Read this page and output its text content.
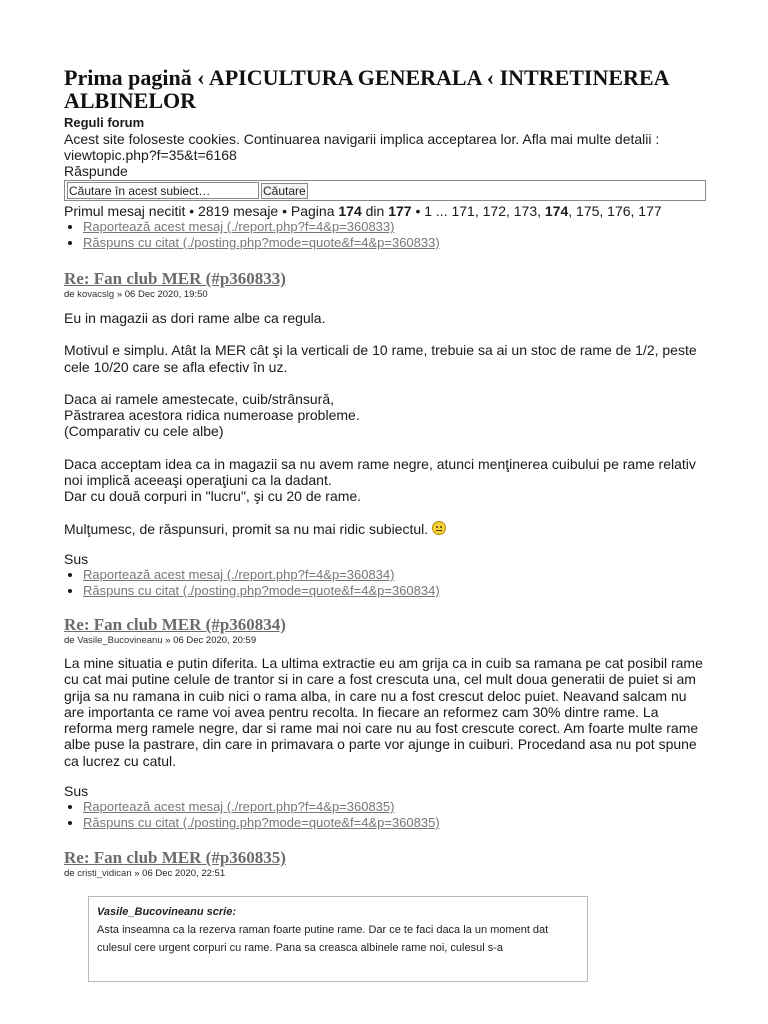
Prima pagină ‹ APICULTURA GENERALA ‹ INTRETINEREA ALBINELOR
Reguli forum
Acest site foloseste cookies. Continuarea navigarii implica acceptarea lor. Afla mai multe detalii : viewtopic.php?f=35&t=6168
Răspunde
Căutare în acest subiect…
Căutare
Primul mesaj necitit • 2819 mesaje • Pagina 174 din 177 • 1 ... 171, 172, 173, 174, 175, 176, 177
• Raportează acest mesaj (./report.php?f=4&p=360833)
• Răspuns cu citat (./posting.php?mode=quote&f=4&p=360833)
Re: Fan club MER (#p360833)
de kovacslg » 06 Dec 2020, 19:50

Eu in magazii as dori rame albe ca regula.

Motivul e simplu. Atât la MER cât şi la verticali de 10 rame, trebuie sa ai un stoc de rame de 1/2, peste cele 10/20 care se afla efectiv în uz.

Daca ai ramele amestecate, cuib/strânsură,

Păstrarea acestora ridica numeroase probleme.

(Comparativ cu cele albe)

Daca acceptam idea ca in magazii sa nu avem rame negre, atunci menţinerea cuibului pe rame relativ noi implică aceeaşi operaţiuni ca la dadant.

Dar cu două corpuri in "lucru", şi cu 20 de rame.

Mulţumesc, de răspunsuri, promit sa nu mai ridic subiectul.

Sus
• Raportează acest mesaj (./report.php?f=4&p=360834)
• Răspuns cu citat (./posting.php?mode=quote&f=4&p=360834)
Re: Fan club MER (#p360834)
de Vasile_Bucovineanu » 06 Dec 2020, 20:59

La mine situatia e putin diferita. La ultima extractie eu am grija ca in cuib sa ramana pe cat posibil rame cu cat mai putine celule de trantor si in care a fost crescuta una, cel mult doua generatii de puiet si am grija sa nu ramana in cuib nici o rama alba, in care nu a fost crescut deloc puiet. Neavand salcam nu are importanta ce rame voi avea pentru recolta. In fiecare an reformez cam 30% dintre rame. La reforma merg ramele negre, dar si rame mai noi care nu au fost crescute corect. Am foarte multe rame albe puse la pastrare, din care in primavara o parte vor ajunge in cuiburi. Procedand asa nu pot spune ca lucrez cu catul.

Sus
• Raportează acest mesaj (./report.php?f=4&p=360835)
• Răspuns cu citat (./posting.php?mode=quote&f=4&p=360835)
Re: Fan club MER (#p360835)
de cristi_vidican » 06 Dec 2020, 22:51
Vasile_Bucovineanu scrie:
Asta inseamna ca la rezerva raman foarte putine rame. Dar ce te faci daca la un moment dat culesul cere urgent corpuri cu rame. Pana sa creasca albinele rame noi, culesul s-a
